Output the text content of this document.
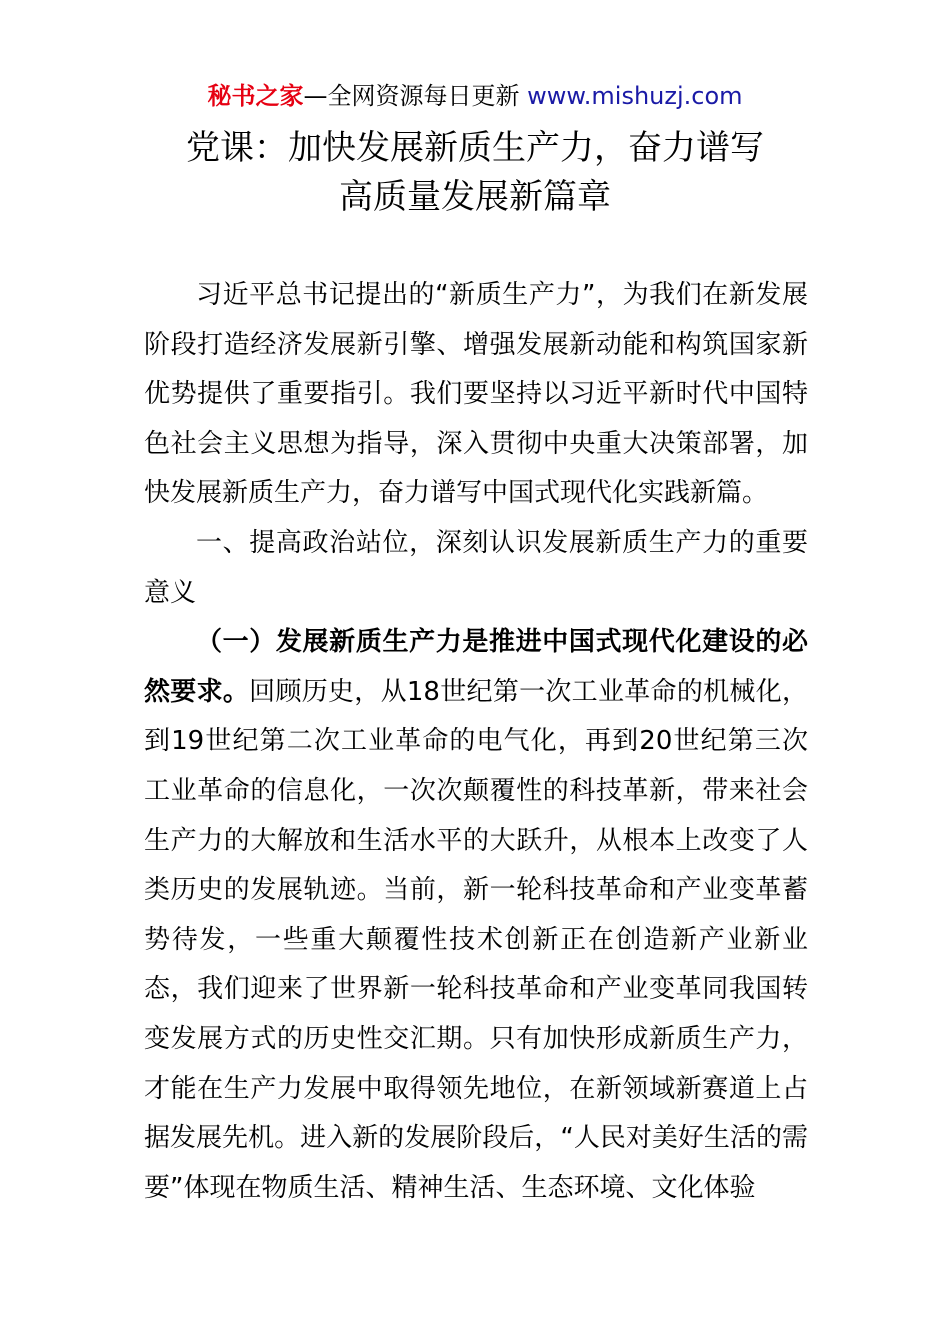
秘书之家—全网资源每日更新 www.mishuzj.com
党课：加快发展新质生产力，奋力谱写
高质量发展新篇章

习近平总书记提出的“新质生产力”，为我们在新发展阶段打造经济发展新引擎、增强发展新动能和构筑国家新优势提供了重要指引。我们要坚持以习近平新时代中国特色社会主义思想为指导，深入贯彻中央重大决策部署，加快发展新质生产力，奋力谱写中国式现代化实践新篇。

一、提高政治站位，深刻认识发展新质生产力的重要意义

（一）发展新质生产力是推进中国式现代化建设的必然要求。回顾历史，从18世纪第一次工业革命的机械化，到19世纪第二次工业革命的电气化，再到20世纪第三次工业革命的信息化，一次次颠覆性的科技革新，带来社会生产力的大解放和生活水平的大跃升，从根本上改变了人类历史的发展轨迹。当前，新一轮科技革命和产业变革蓄势待发，一些重大颠覆性技术创新正在创造新产业新业态，我们迎来了世界新一轮科技革命和产业变革同我国转变发展方式的历史性交汇期。只有加快形成新质生产力，才能在生产力发展中取得领先地位，在新领域新赛道上占据发展先机。进入新的发展阶段后，“人民对美好生活的需要”体现在物质生活、精神生活、生态环境、文化体验
